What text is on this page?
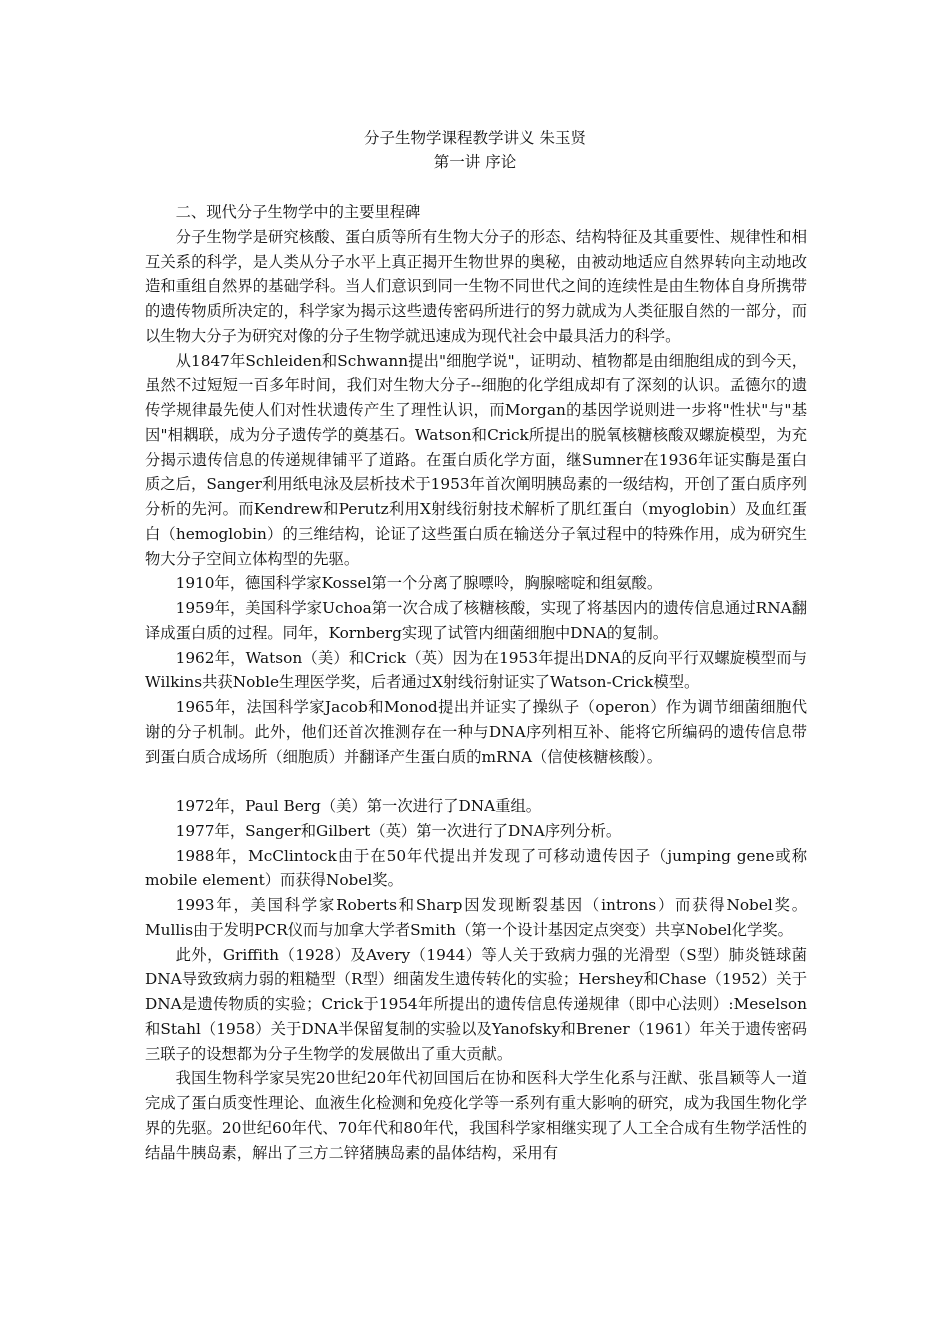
分子生物学课程教学讲义 朱玉贤
第一讲 序论

二、现代分子生物学中的主要里程碑

分子生物学是研究核酸、蛋白质等所有生物大分子的形态、结构特征及其重要性、规律性和相互关系的科学，是人类从分子水平上真正揭开生物世界的奥秘，由被动地适应自然界转向主动地改造和重组自然界的基础学科。当人们意识到同一生物不同世代之间的连续性是由生物体自身所携带的遗传物质所决定的，科学家为揭示这些遗传密码所进行的努力就成为人类征服自然的一部分，而以生物大分子为研究对像的分子生物学就迅速成为现代社会中最具活力的科学。

从1847年Schleiden和Schwann提出"细胞学说"，证明动、植物都是由细胞组成的到今天，虽然不过短短一百多年时间，我们对生物大分子--细胞的化学组成却有了深刻的认识。孟德尔的遗传学规律最先使人们对性状遗传产生了理性认识，而Morgan的基因学说则进一步将"性状"与"基因"相耦联，成为分子遗传学的奠基石。Watson和Crick所提出的脱氧核糖核酸双螺旋模型，为充分揭示遗传信息的传递规律铺平了道路。在蛋白质化学方面，继Sumner在1936年证实酶是蛋白质之后，Sanger利用纸电泳及层析技术于1953年首次阐明胰岛素的一级结构，开创了蛋白质序列分析的先河。而Kendrew和Perutz利用X射线衍射技术解析了肌红蛋白（myoglobin）及血红蛋白（hemoglobin）的三维结构，论证了这些蛋白质在输送分子氧过程中的特殊作用，成为研究生物大分子空间立体构型的先驱。

1910年，德国科学家Kossel第一个分离了腺嘌呤，胸腺嘧啶和组氨酸。

1959年，美国科学家Uchoa第一次合成了核糖核酸，实现了将基因内的遗传信息通过RNA翻译成蛋白质的过程。同年，Kornberg实现了试管内细菌细胞中DNA的复制。

1962年，Watson（美）和Crick（英）因为在1953年提出DNA的反向平行双螺旋模型而与Wilkins共获Noble生理医学奖，后者通过X射线衍射证实了Watson-Crick模型。

1965年，法国科学家Jacob和Monod提出并证实了操纵子（operon）作为调节细菌细胞代谢的分子机制。此外，他们还首次推测存在一种与DNA序列相互补、能将它所编码的遗传信息带到蛋白质合成场所（细胞质）并翻译产生蛋白质的mRNA（信使核糖核酸）。

1972年，Paul Berg（美）第一次进行了DNA重组。

1977年，Sanger和Gilbert（英）第一次进行了DNA序列分析。

1988年，McClintock由于在50年代提出并发现了可移动遗传因子（jumping gene或称mobile element）而获得Nobel奖。

1993年，美国科学家Roberts和Sharp因发现断裂基因（introns）而获得Nobel奖。Mullis由于发明PCR仪而与加拿大学者Smith（第一个设计基因定点突变）共享Nobel化学奖。

此外，Griffith（1928）及Avery（1944）等人关于致病力强的光滑型（S型）肺炎链球菌DNA导致致病力弱的粗糙型（R型）细菌发生遗传转化的实验；Hershey和Chase（1952）关于DNA是遗传物质的实验；Crick于1954年所提出的遗传信息传递规律（即中心法则）:Meselson和Stahl（1958）关于DNA半保留复制的实验以及Yanofsky和Brener（1961）年关于遗传密码三联子的设想都为分子生物学的发展做出了重大贡献。

我国生物科学家吴宪20世纪20年代初回国后在协和医科大学生化系与汪猷、张昌颖等人一道完成了蛋白质变性理论、血液生化检测和免疫化学等一系列有重大影响的研究，成为我国生物化学界的先驱。20世纪60年代、70年代和80年代，我国科学家相继实现了人工全合成有生物学活性的结晶牛胰岛素，解出了三方二锌猪胰岛素的晶体结构，采用有
